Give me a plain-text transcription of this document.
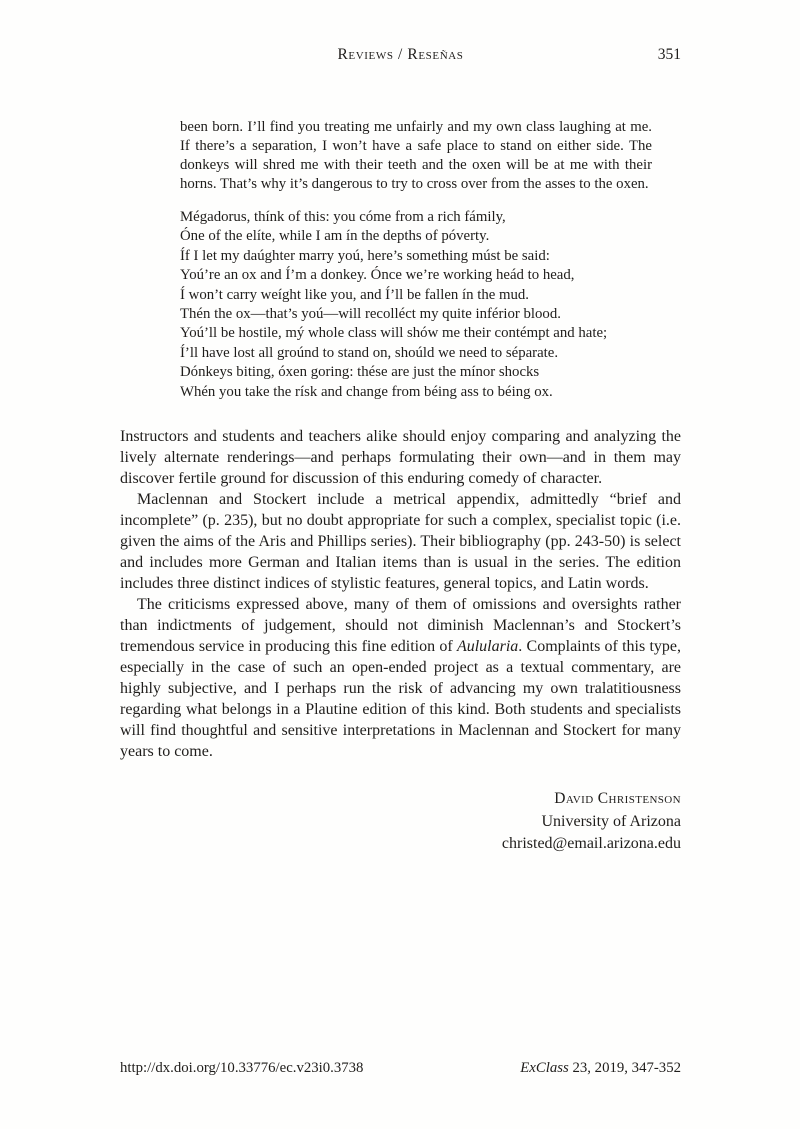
Reviews / Reseñas	351
been born. I’ll find you treating me unfairly and my own class laughing at me. If there’s a separation, I won’t have a safe place to stand on either side. The donkeys will shred me with their teeth and the oxen will be at me with their horns. That’s why it’s dangerous to try to cross over from the asses to the oxen.
Mégadorus, thínk of this: you cóme from a rich fámily,
Óne of the elíte, while I am ín the depths of póverty.
Íf I let my daúghter marry yoú, here’s something múst be said:
Yoú’re an ox and Í’m a donkey. Ónce we’re working heád to head,
Í won’t carry weíght like you, and Í’ll be fallen ín the mud.
Thén the ox—that’s yoú—will recolléct my quite inférior blood.
Yoú’ll be hostile, mý whole class will shów me their contémpt and hate;
Í’ll have lost all groúnd to stand on, shoúld we need to séparate.
Dónkeys biting, óxen goring: thése are just the mínor shocks
Whén you take the rísk and change from béing ass to béing ox.

Instructors and students and teachers alike should enjoy comparing and analyzing the lively alternate renderings—and perhaps formulating their own—and in them may discover fertile ground for discussion of this enduring comedy of character.

Maclennan and Stockert include a metrical appendix, admittedly “brief and incomplete” (p. 235), but no doubt appropriate for such a complex, specialist topic (i.e. given the aims of the Aris and Phillips series). Their bibliography (pp. 243-50) is select and includes more German and Italian items than is usual in the series. The edition includes three distinct indices of stylistic features, general topics, and Latin words.

The criticisms expressed above, many of them of omissions and oversights rather than indictments of judgement, should not diminish Maclennan’s and Stockert’s tremendous service in producing this fine edition of Aulularia. Complaints of this type, especially in the case of such an open-ended project as a textual commentary, are highly subjective, and I perhaps run the risk of advancing my own tralatitiousness regarding what belongs in a Plautine edition of this kind. Both students and specialists will find thoughtful and sensitive interpretations in Maclennan and Stockert for many years to come.

David Christenson
University of Arizona
christed@email.arizona.edu
http://dx.doi.org/10.33776/ec.v23i0.3738	ExClass 23, 2019, 347-352
